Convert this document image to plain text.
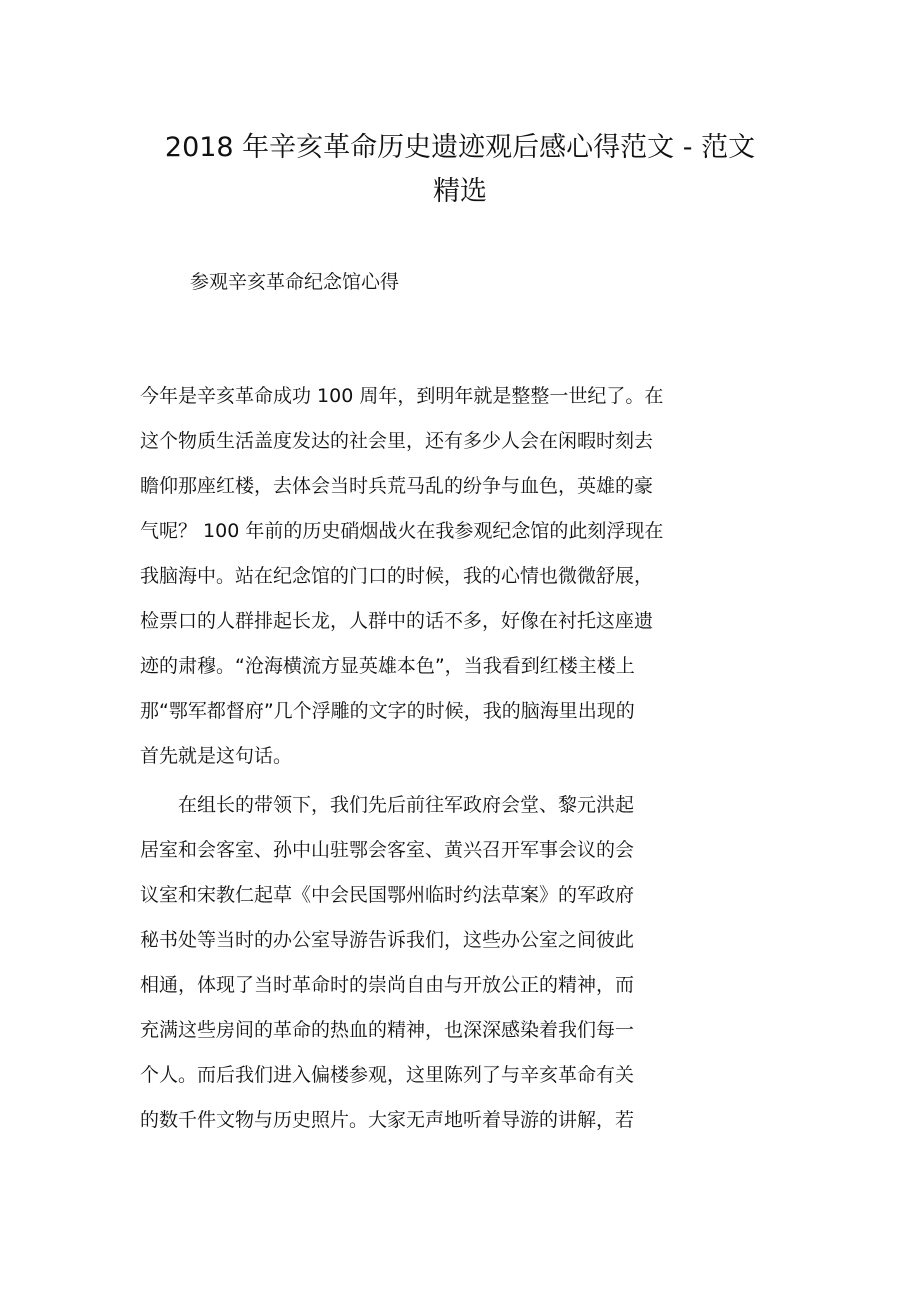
2018 年辛亥革命历史遗迹观后感心得范文 - 范文
精选

参观辛亥革命纪念馆心得

今年是辛亥革命成功 100 周年，到明年就是整整一世纪了。在
这个物质生活盖度发达的社会里，还有多少人会在闲暇时刻去
瞻仰那座红楼，去体会当时兵荒马乱的纷争与血色，英雄的豪
气呢？ 100 年前的历史硝烟战火在我参观纪念馆的此刻浮现在
我脑海中。站在纪念馆的门口的时候，我的心情也微微舒展，
检票口的人群排起长龙，人群中的话不多，好像在衬托这座遗
迹的肃穆。“沧海横流方显英雄本色”，当我看到红楼主楼上
那“鄂军都督府”几个浮雕的文字的时候，我的脑海里出现的
首先就是这句话。
在组长的带领下，我们先后前往军政府会堂、黎元洪起
居室和会客室、孙中山驻鄂会客室、黄兴召开军事会议的会
议室和宋教仁起草《中会民国鄂州临时约法草案》的军政府
秘书处等当时的办公室导游告诉我们，这些办公室之间彼此
相通，体现了当时革命时的崇尚自由与开放公正的精神，而
充满这些房间的革命的热血的精神，也深深感染着我们每一
个人。而后我们进入偏楼参观，这里陈列了与辛亥革命有关
的数千件文物与历史照片。大家无声地听着导游的讲解，若
